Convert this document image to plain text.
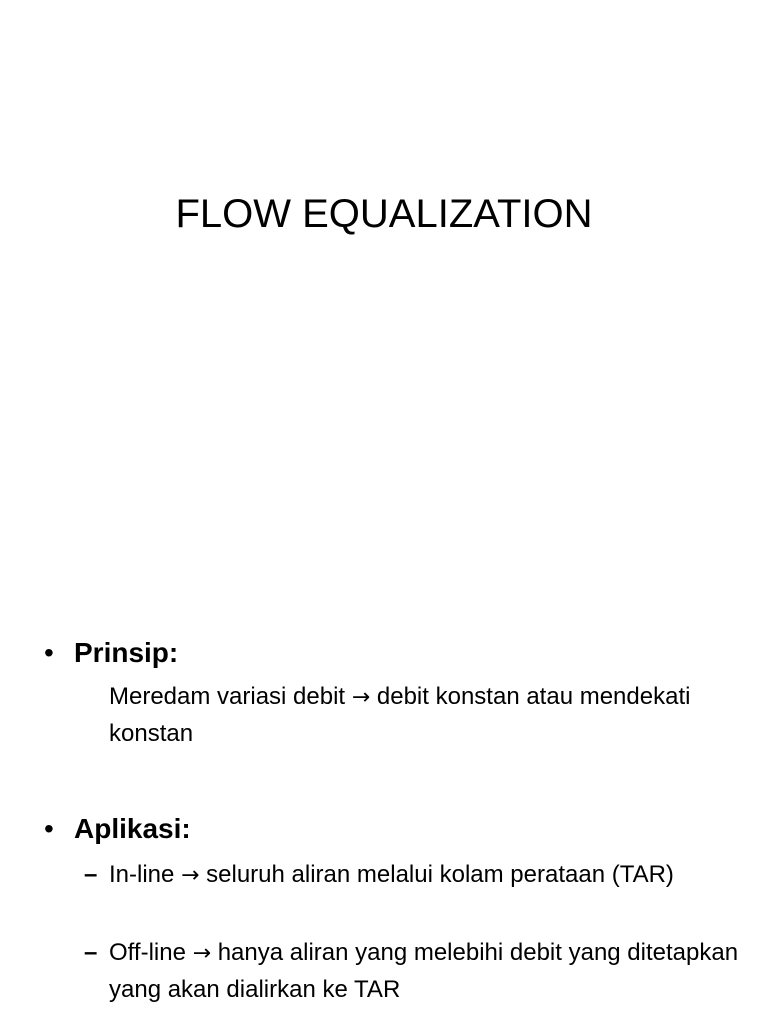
FLOW EQUALIZATION
• Prinsip:
Meredam variasi debit → debit konstan atau mendekati konstan
• Aplikasi:
– In-line → seluruh aliran melalui kolam perataan (TAR)
– Off-line → hanya aliran yang melebihi debit yang ditetapkan yang akan dialirkan ke TAR
